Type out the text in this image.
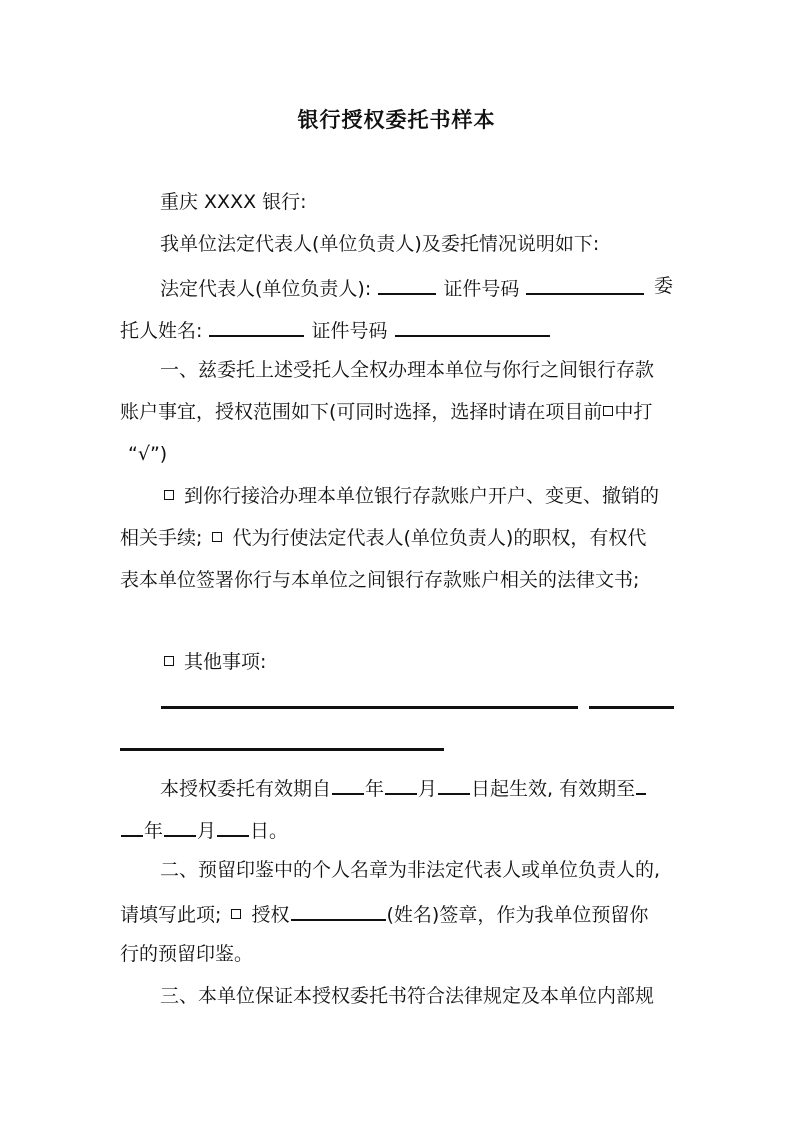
银行授权委托书样本
重庆 XXXX 银行:
我单位法定代表人(单位负责人)及委托情况说明如下:
法定代表人(单位负责人):	证件号码	委
托人姓名:	证件号码
一、兹委托上述受托人全权办理本单位与你行之间银行存款
账户事宜，授权范围如下(可同时选择，选择时请在项目前 中打
“√”)
到你行接洽办理本单位银行存款账户开户、变更、撤销的
相关手续; 代为行使法定代表人(单位负责人)的职权，有权代
表本单位签署你行与本单位之间银行存款账户相关的法律文书;
其他事项:
本授权委托有效期自 年 月 日起生效, 有效期至
年 月 日。
二、预留印鉴中的个人名章为非法定代表人或单位负责人的,
请填写此项; 授权	(姓名)签章，作为我单位预留你
行的预留印鉴。
三、本单位保证本授权委托书符合法律规定及本单位内部规
